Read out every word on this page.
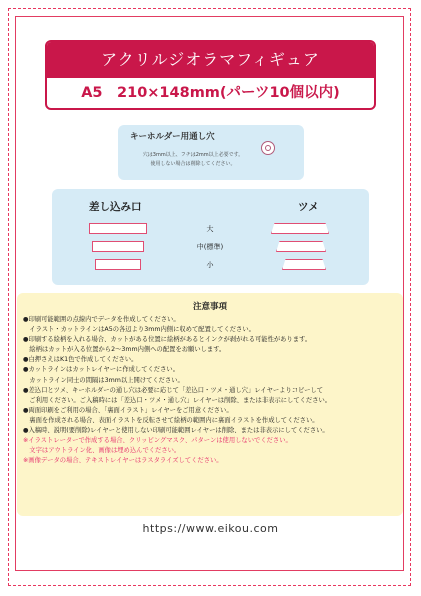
アクリルジオラマフィギュア
A5　210×148mm(パーツ10個以内)
キーホルダー用通し穴
穴は3mm以上、フチは2mm以上必要です。
使用しない場合は削除してください。
差し込み口	ツメ
大
中(標準)
小
注意事項
●印刷可能範囲の点線内でデータを作成してください。
　イラスト・カットラインはA5の各辺より3mm内側に収めて配置してください。
●印刷する絵柄を入れる場合、カットがある位置に絵柄があるとインクが剥がれる可能性があります。
　絵柄はカットが入る位置から2～3mm内側への配置をお願いします。
●白押さえはK1色で作成してください。
●カットラインはカットレイヤーに作成してください。
　カットライン同士の間隔は3mm以上開けてください。
●差込口とツメ、キーホルダーの通し穴は必要に応じて「差込口・ツメ・通し穴」レイヤーよりコピーして
　ご利用ください。ご入稿時には「差込口・ツメ・通し穴」レイヤーは削除、または非表示にしてください。
●両面印刷をご利用の場合、「裏面イラスト」レイヤーをご用意ください。
　裏面を作成される場合、表面イラストを反転させて絵柄の範囲内に裏面イラストを作成してください。
●入稿時、説明(要削除)レイヤーと使用しない印刷可能範囲レイヤーは削除、または非表示にしてください。
※イラストレーターで作成する場合、クリッピングマスク、パターンは使用しないでください。
　文字はアウトライン化、画像は埋め込んでください。
※画像データの場合、テキストレイヤーはラスタライズしてください。
https://www.eikou.com
